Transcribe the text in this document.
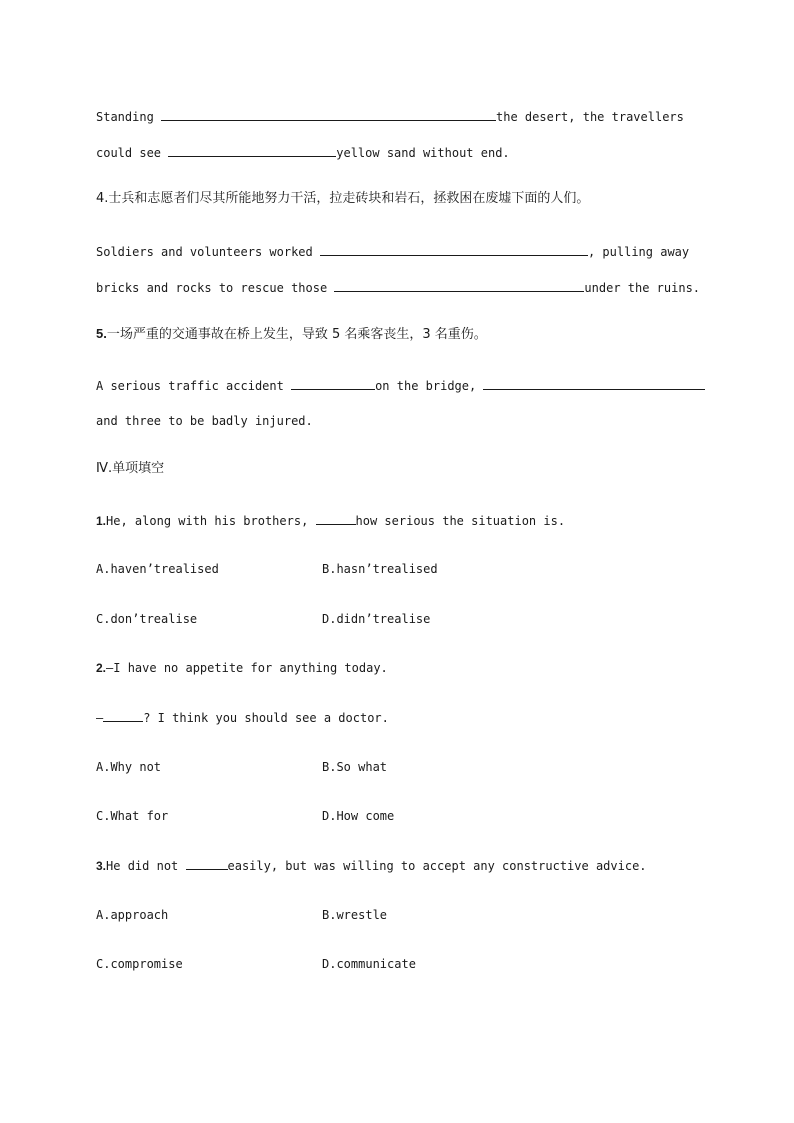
Standing	the desert, the travellers
could see	yellow sand without end.
4.士兵和志愿者们尽其所能地努力干活，拉走砖块和岩石，拯救困在废墟下面的人们。
Soldiers and volunteers worked	, pulling away
bricks and rocks to rescue those	under the ruins.
5.一场严重的交通事故在桥上发生，导致 5 名乘客丧生，3 名重伤。
A serious traffic accident	on the bridge,
and three to be badly injured.
Ⅳ.单项填空
1.He, along with his brothers,	how serious the situation is.
A.haven’trealised	B.hasn’trealised
C.don’trealise	D.didn’trealise
2.—I have no appetite for anything today.
—	? I think you should see a doctor.
A.Why not	B.So what
C.What for	D.How come
3.He did not	easily, but was willing to accept any constructive advice.
A.approach	B.wrestle
C.compromise	D.communicate
